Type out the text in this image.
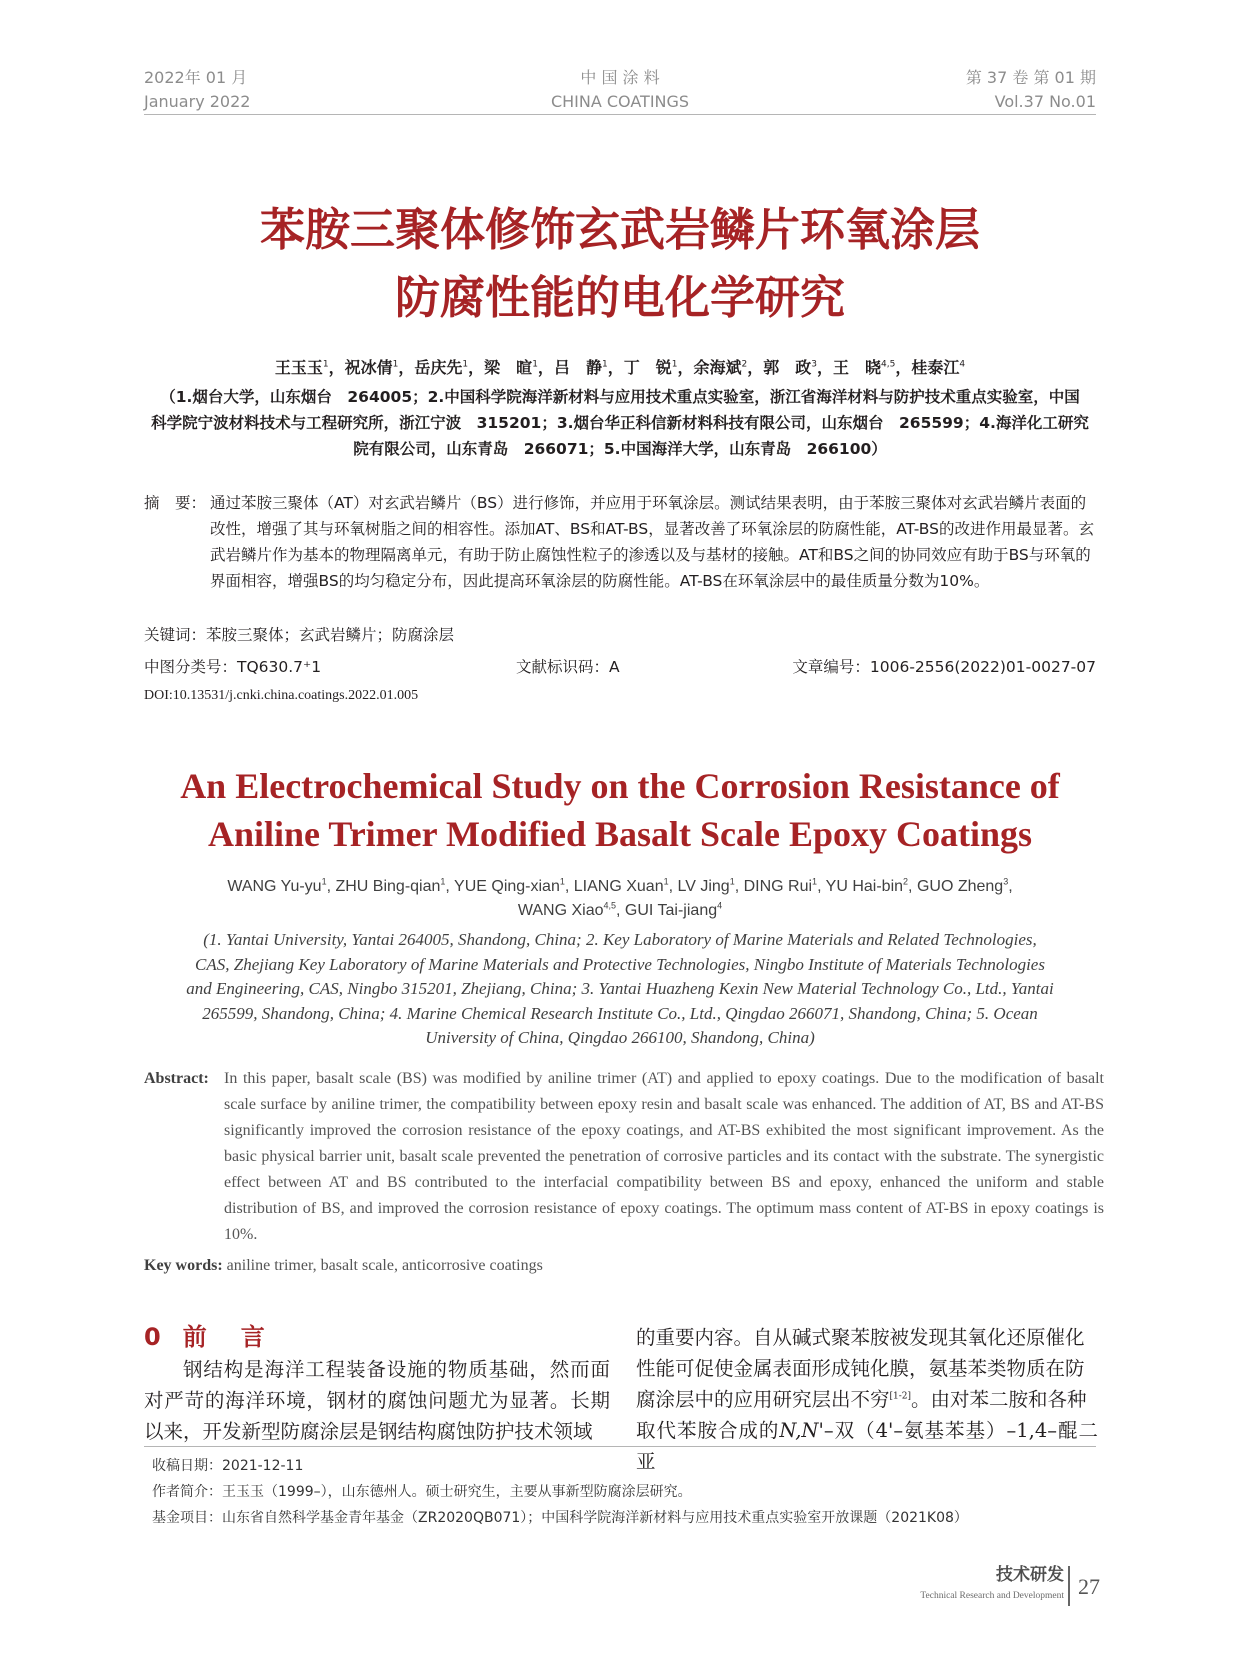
2022年 01 月
January 2022
中 国 涂 料
CHINA COATINGS
第 37 卷 第 01 期
Vol.37 No.01
苯胺三聚体修饰玄武岩鳞片环氧涂层
防腐性能的电化学研究
王玉玉$^1$，祝冰倩$^1$，岳庆先$^1$，梁　暄$^1$，吕　静$^1$，丁　锐$^1$，余海斌$^2$，郭　政$^3$，王　晓$^{4,5}$，桂泰江$^4$
（1.烟台大学，山东烟台　264005；2.中国科学院海洋新材料与应用技术重点实验室，浙江省海洋材料与防护技术重点实验室，中国
科学院宁波材料技术与工程研究所，浙江宁波　315201；3.烟台华正科信新材料科技有限公司，山东烟台　265599；4.海洋化工研究
院有限公司，山东青岛　266071；5.中国海洋大学，山东青岛　266100）
摘　要： 通过苯胺三聚体（AT）对玄武岩鳞片（BS）进行修饰，并应用于环氧涂层。测试结果表明，由于苯胺三聚体对玄武岩鳞片表面的改性，增强了其与环氧树脂之间的相容性。添加AT、BS和AT-BS，显著改善了环氧涂层的防腐性能，AT-BS的改进作用最显著。玄武岩鳞片作为基本的物理隔离单元，有助于防止腐蚀性粒子的渗透以及与基材的接触。AT和BS之间的协同效应有助于BS与环氧的界面相容，增强BS的均匀稳定分布，因此提高环氧涂层的防腐性能。AT-BS在环氧涂层中的最佳质量分数为10%。
关键词：苯胺三聚体；玄武岩鳞片；防腐涂层
中图分类号：TQ630.7⁺1	文献标识码：A	文章编号：1006-2556(2022)01-0027-07
DOI:10.13531/j.cnki.china.coatings.2022.01.005
An Electrochemical Study on the Corrosion Resistance of
Aniline Trimer Modified Basalt Scale Epoxy Coatings
WANG $Yu-yu^1$, ZHU Bing-qian$^1$, YUE Qing-xian$^1$, LIANG Xuan$^1$, LV Jing$^1$, DING Rui$^1$, YU Hai-bin$^2$, GUO Zheng$^3$,
WANG Xiao$^{4,5}$, GUI Tai-jiang$^4$
(1. Yantai University, Yantai 264005, Shandong, China; 2. Key Laboratory of Marine Materials and Related Technologies,
CAS, Zhejiang Key Laboratory of Marine Materials and Protective Technologies, Ningbo Institute of Materials Technologies
and Engineering, CAS, Ningbo 315201, Zhejiang, China; 3. Yantai Huazheng Kexin New Material Technology Co., Ltd., Yantai
265599, Shandong, China; 4. Marine Chemical Research Institute Co., Ltd., Qingdao 266071, Shandong, China; 5. Ocean
University of China, Qingdao 266100, Shandong, China)
Abstract: In this paper, basalt scale (BS) was modified by aniline trimer (AT) and applied to epoxy coatings. Due to the modification of basalt scale surface by aniline trimer, the compatibility between epoxy resin and basalt scale was enhanced. The addition of AT, BS and AT-BS significantly improved the corrosion resistance of the epoxy coatings, and AT-BS exhibited the most significant improvement. As the basic physical barrier unit, basalt scale prevented the penetration of corrosive particles and its contact with the substrate. The synergistic effect between AT and BS contributed to the interfacial compatibility between BS and epoxy, enhanced the uniform and stable distribution of BS, and improved the corrosion resistance of epoxy coatings. The optimum mass content of AT-BS in epoxy coatings is 10%.
Key words: aniline trimer, basalt scale, anticorrosive coatings
0 前 言

钢结构是海洋工程装备设施的物质基础，然而面对严苛的海洋环境，钢材的腐蚀问题尤为显著。长期以来，开发新型防腐涂层是钢结构腐蚀防护技术领域

的重要内容。自从碱式聚苯胺被发现其氧化还原催化
性能可促使金属表面形成钝化膜，氨基苯类物质在防
腐涂层中的应用研究层出不穷[1-2]。由对苯二胺和各种
取代苯胺合成的N,N'–双（4'–氨基苯基）–1,4–醌二亚
收稿日期：2021-12-11
作者简介：王玉玉（1999–），山东德州人。硕士研究生，主要从事新型防腐涂层研究。
基金项目：山东省自然科学基金青年基金（ZR2020QB071）；中国科学院海洋新材料与应用技术重点实验室开放课题（2021K08）
技术研发
Technical Research and Development 27
